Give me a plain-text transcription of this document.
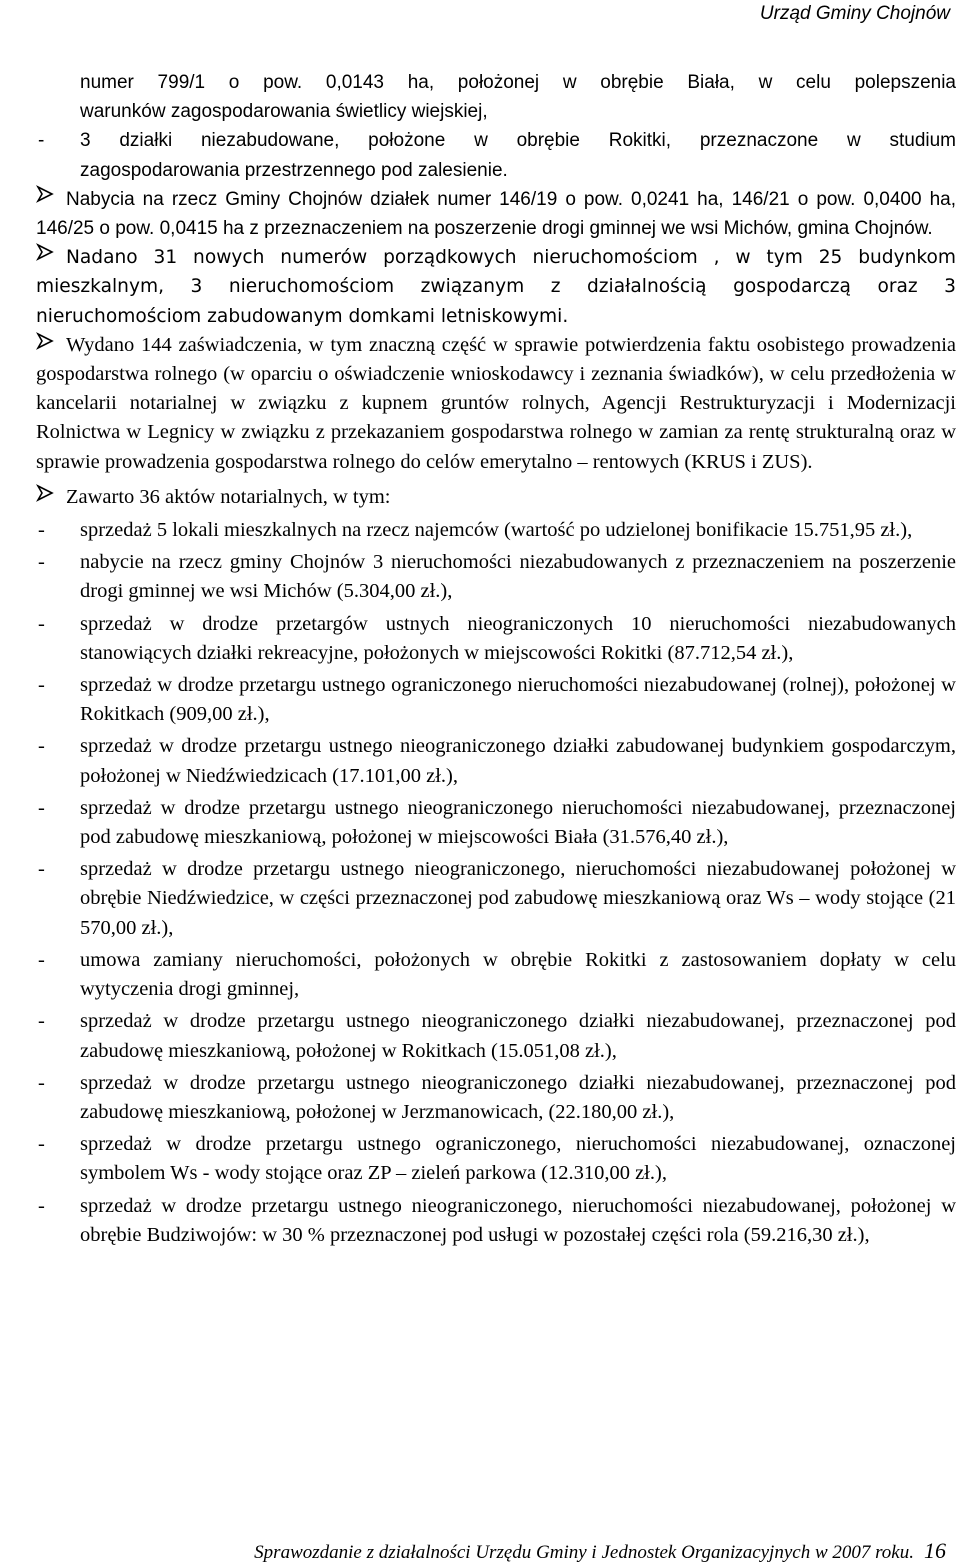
Urząd Gminy Chojnów
numer 799/1 o pow. 0,0143 ha, położonej w obrębie Biała, w celu polepszenia
warunków zagospodarowania świetlicy wiejskiej,
- 3 działki niezabudowane, położone w obrębie Rokitki, przeznaczone w studium
zagospodarowania przestrzennego pod zalesienie.
Nabycia na rzecz Gminy Chojnów działek numer 146/19 o pow. 0,0241 ha, 146/21 o pow. 0,0400 ha, 146/25 o pow. 0,0415 ha z przeznaczeniem na poszerzenie drogi gminnej we wsi Michów, gmina Chojnów.
Nadano 31 nowych numerów porządkowych nieruchomościom , w tym 25 budynkom mieszkalnym, 3 nieruchomościom związanym z działalnością gospodarczą oraz 3 nieruchomościom zabudowanym domkami letniskowymi.
Wydano 144 zaświadczenia, w tym znaczną część w sprawie potwierdzenia faktu osobistego prowadzenia gospodarstwa rolnego (w oparciu o oświadczenie wnioskodawcy i zeznania świadków), w celu przedłożenia w kancelarii notarialnej w związku z kupnem gruntów rolnych, Agencji Restrukturyzacji i Modernizacji Rolnictwa w Legnicy w związku z przekazaniem gospodarstwa rolnego w zamian za rentę strukturalną oraz w sprawie prowadzenia gospodarstwa rolnego do celów emerytalno – rentowych (KRUS i ZUS).
Zawarto 36 aktów notarialnych, w tym:
- sprzedaż 5 lokali mieszkalnych na rzecz najemców (wartość po udzielonej bonifikacie 15.751,95 zł.),
- nabycie na rzecz gminy Chojnów 3 nieruchomości niezabudowanych z przeznaczeniem na poszerzenie drogi gminnej we wsi Michów (5.304,00 zł.),
- sprzedaż w drodze przetargów ustnych nieograniczonych 10 nieruchomości niezabudowanych stanowiących działki rekreacyjne, położonych w miejscowości Rokitki (87.712,54 zł.),
- sprzedaż w drodze przetargu ustnego ograniczonego nieruchomości niezabudowanej (rolnej), położonej w Rokitkach (909,00 zł.),
- sprzedaż w drodze przetargu ustnego nieograniczonego działki zabudowanej budynkiem gospodarczym, położonej w Niedźwiedzicach (17.101,00 zł.),
- sprzedaż w drodze przetargu ustnego nieograniczonego nieruchomości niezabudowanej, przeznaczonej pod zabudowę mieszkaniową, położonej w miejscowości Biała (31.576,40 zł.),
- sprzedaż w drodze przetargu ustnego nieograniczonego, nieruchomości niezabudowanej położonej w obrębie Niedźwiedzice, w części przeznaczonej pod zabudowę mieszkaniową oraz Ws – wody stojące (21 570,00 zł.),
- umowa zamiany nieruchomości, położonych w obrębie Rokitki z zastosowaniem dopłaty w celu wytyczenia drogi gminnej,
- sprzedaż w drodze przetargu ustnego nieograniczonego działki niezabudowanej, przeznaczonej pod zabudowę mieszkaniową, położonej w Rokitkach (15.051,08 zł.),
- sprzedaż w drodze przetargu ustnego nieograniczonego działki niezabudowanej, przeznaczonej pod zabudowę mieszkaniową, położonej w Jerzmanowicach, (22.180,00 zł.),
- sprzedaż w drodze przetargu ustnego ograniczonego, nieruchomości niezabudowanej, oznaczonej symbolem Ws - wody stojące oraz ZP – zieleń parkowa (12.310,00 zł.),
- sprzedaż w drodze przetargu ustnego nieograniczonego, nieruchomości niezabudowanej, położonej w obrębie Budziwojów: w 30 % przeznaczonej pod usługi w pozostałej części rola (59.216,30 zł.),
Sprawozdanie z działalności Urzędu Gminy i Jednostek Organizacyjnych w 2007 roku. 16
